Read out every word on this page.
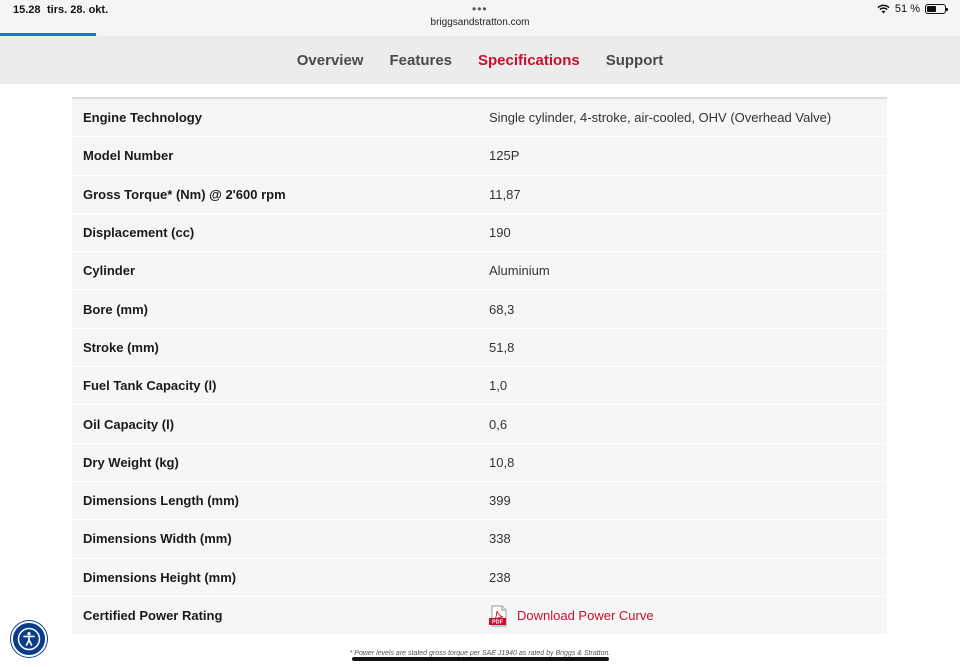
15.28 tirs. 28. okt.	•••
briggsandstratton.com
51 %
Overview	Features	Specifications	Support
Engine Technology	Single cylinder, 4-stroke, air-cooled, OHV (Overhead Valve)
Model Number	125P
Gross Torque* (Nm) @ 2'600 rpm	11,87
Displacement (cc)	190
Cylinder	Aluminium
Bore (mm)	68,3
Stroke (mm)	51,8
Fuel Tank Capacity (l)	1,0
Oil Capacity (l)	0,6
Dry Weight (kg)	10,8
Dimensions Length (mm)	399
Dimensions Width (mm)	338
Dimensions Height (mm)	238
Certified Power Rating	PDF Download Power Curve
* Power levels are stated gross torque per SAE J1940 as rated by Briggs & Stratton.
